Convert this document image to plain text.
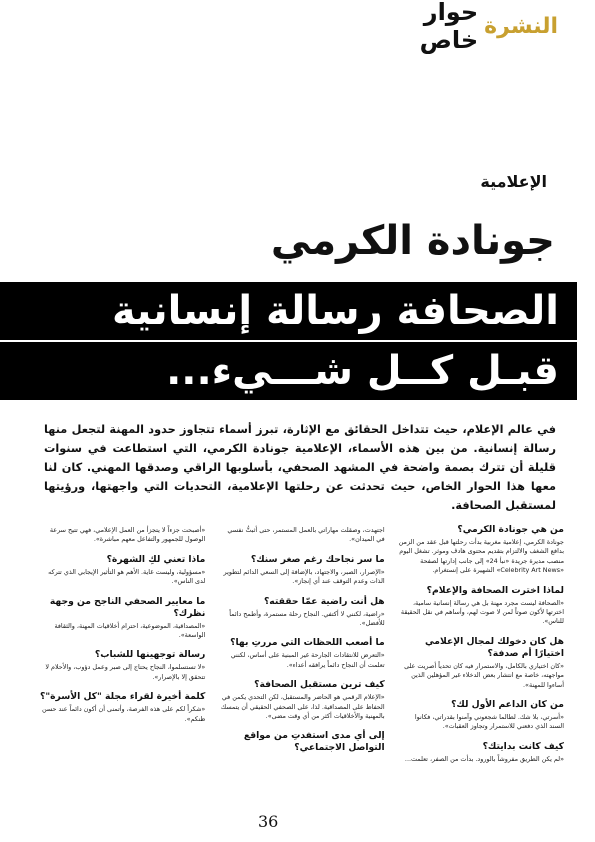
النشرة
حوار خاص
الإعلامية
جونادة الكرمي
الصحافة رسالة إنسانية
قبـل كــل شـــيء...
في عالم الإعلام، حيث تتداخل الحقائق مع الإثارة، تبرز أسماء تتجاوز حدود المهنة لتجعل منها رسالة إنسانية. من بين هذه الأسماء، الإعلامية جونادة الكرمي، التي استطاعت في سنوات قليلة أن تترك بصمة واضحة في المشهد الصحفي، بأسلوبها الراقي وصدقها المهني. كان لنا معها هذا الحوار الخاص، حيث تحدثت عن رحلتها الإعلامية، التحديات التي واجهتها، ورؤيتها لمستقبل الصحافة.
من هي جونادة الكرمي؟
جونادة الكرمي، إعلامية مغربية بدأت رحلتها قبل عقد من الزمن بدافع الشغف والالتزام بتقديم محتوى هادف وموثر. تشغل اليوم منصب مديرة جريدة «نبأ 24» إلى جانب إدارتها لصفحة «Celebrity Art News» الشهيرة على إنستغرام.
لماذا اخترت الصحافة والإعلام؟
«الصحافة ليست مجرد مهنة بل هي رسالة إنسانية سامية، اخترتها لأكون صوتاً لمن لا صوت لهم، وأساهم في نقل الحقيقة للناس».
هل كان دخولك لمجال الإعلامي اختيارًا أم صدفة؟
«كان اختياري بالكامل، والاستمرار فيه كان تحدياً أصريت على مواجهته، خاصة مع انتشار بعض الدخلاء غير المؤهلين الذين أساءوا للمهنة».
من كان الداعم الأول لك؟
«أسرتي، بلا شك. لطالما شجعوني وآمنوا بقدراتي، فكانوا السند الذي دفعني للاستمرار وتجاوز العقبات».
كيف كانت بدايتك؟
«لم يكن الطريق مفروشاً بالورود. بدأت من الصفر، تعلمت...
اجتهدت، وصقلت مهاراتي بالعمل المستمر، حتى أثبتُّ نفسي في الميدان».
ما سر نجاحك رغم صغر سنك؟
«الإصرار، الصبر، والاجتهاد، بالإضافة إلى السعي الدائم لتطوير الذات وعدم التوقف عند أي إنجاز».
هل أنت راضية عمّا حققته؟
«راضية، لكنني لا أكتفي. النجاح رحلة مستمرة، وأطمح دائماً للأفضل».
ما أصعب اللحظات التي مررتِ بها؟
«التعرض للانتقادات الجارحة غير المبنية على أساس، لكنني تعلمت أن النجاح دائماً يرافقه أعداء».
كيف ترين مستقبل الصحافة؟
«الإعلام الرقمي هو الحاضر والمستقبل، لكن التحدي يكمن في الحفاظ على المصداقية. لذا، على الصحفي الحقيقي أن يتمسك بالمهنية والأخلاقيات أكثر من أي وقت مضى».
إلى أي مدى استفدتِ من مواقع التواصل الاجتماعي؟
«أصبحت جزءاً لا يتجزأ من العمل الإعلامي، فهي تتيح سرعة الوصول للجمهور والتفاعل معهم مباشرة».
ماذا تعني لكِ الشهرة؟
«مسؤولية، وليست غاية. الأهم هو التأثير الإيجابي الذي تتركه لدى الناس».
ما معايير الصحفي الناجح من وجهة نظرك؟
«المصداقية، الموضوعية، احترام أخلاقيات المهنة، والثقافة الواسعة».
رسالة توجهينها للشباب؟
«لا تستسلموا، النجاح يحتاج إلى صبر وعمل دؤوب، والأحلام لا تتحقق إلا بالإصرار».
كلمة أخيرة لقراء مجلة "كل الأسرة"؟
«شكراً لكم على هذه الفرصة، وأتمنى أن أكون دائماً عند حسن ظنكم».
36
